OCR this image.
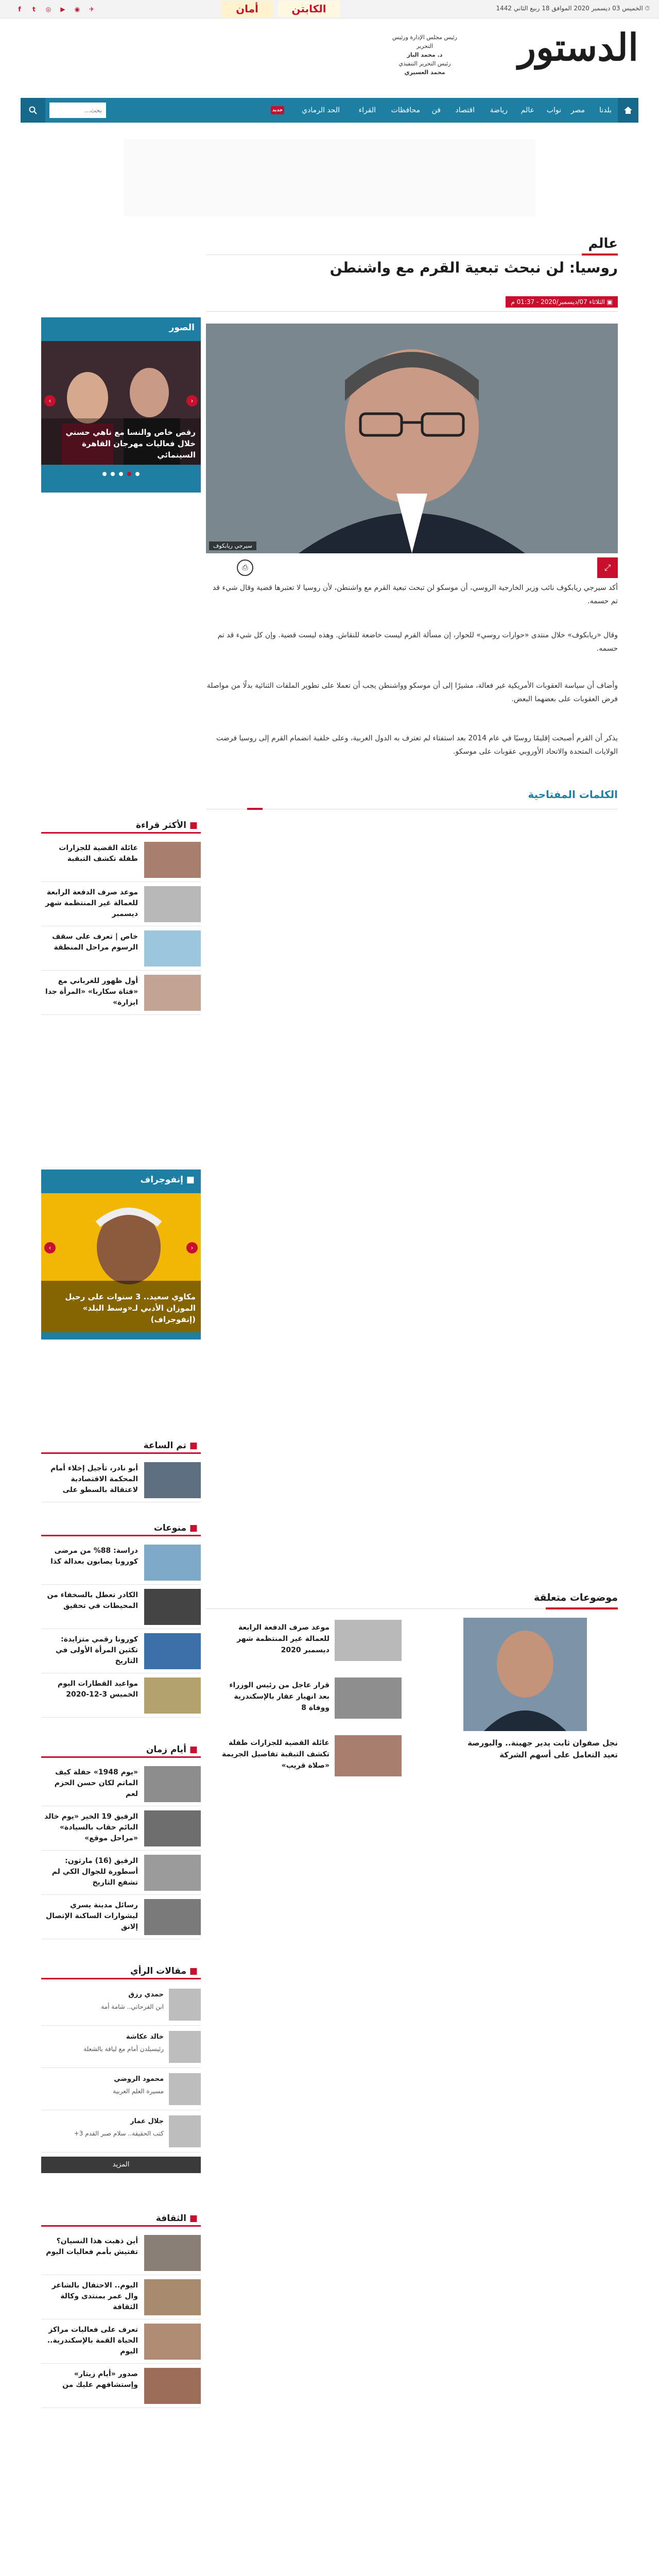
f	t	◎	▶	◉	✈	أمان	الكابتن	⏱ الخميس 03 ديسمبر 2020 الموافق 18 ربيع الثاني 1442
الدستور
رئيس مجلس الإدارة ورئيس التحرير
د. محمد الباز
رئيس التحرير التنفيذي
محمد العسيري
بلدنا
مصر
نواب
عالم
رياضة
اقتصاد
فن
محافظات
القراء
الحد الرمادي
جديد
بحث...
عالم
روسيا: لن نبحث تبعية القرم مع واشنطن
▣ الثلاثاء 07/ديسمبر/2020 - 01:37 م
سيرجي ريابكوف
⤢
⎙

أكد سيرجي ريابكوف نائب وزير الخارجية الروسي، أن موسكو لن تبحث تبعية القرم مع واشنطن، لأن روسيا لا تعتبرها قضية وقال شيء قد تم حسمه.

وقال «ريابكوف» خلال منتدى «حوارات روسي» للحوار، إن مسألة القرم ليست خاضعة للنقاش. وهذه ليست قضية. وإن كل شيء قد تم حسمه.

وأضاف أن سياسة العقوبات الأمريكية غير فعالة، مشيرًا إلى أن موسكو وواشنطن يجب أن تعملا على تطوير الملفات الثنائية بدلًا من مواصلة فرض العقوبات على بعضهما البعض.

يذكر أن القرم أصبحت إقليمًا روسيًا في عام 2014 بعد استفتاء لم تعترف به الدول الغربية، وعلى خلفية انضمام القرم إلى روسيا فرضت الولايات المتحدة والاتحاد الأوروبي عقوبات على موسكو.

الكلمات المفتاحية
الصور
رقص خاص والنسا مع ناهي حسني خلال فعاليات مهرجان القاهرة السينمائي
‹	›
■ الأكثر قراءة
عائلة القضية للجزارات طفلة تكشف التبقبة
موعد صرف الدفعة الرابعة للعمالة غير المنتظمة شهر ديسمبر
خاص | تعرف على سقف الرسوم مراحل المنطقة
أول ظهور للغرباني مع «فتاة سكاربا» «المرأة جدا ايزارة»
■ إنفوجراف
مكاوي سعيد.. 3 سنوات على رحيل الموزان الأدبي لـ«وسط البلد» (إنفوجراف)
‹	›
■ تم الساعة
أبو نادر، تأجيل إخلاء أمام المحكمة الاقتصادية لاعتقالة بالسطو على
■ منوعات
دراسة: 88% من مرضى كورونا يصابون بعدالة كذا
الكادر تعطل بالسخفاء من المحيطات في تحقيق
كورونا رقمي متزايدة: تكثين المرأة الأولى في التاريخ
مواعيد القطارات اليوم الخميس 3-12-2020
■ أيام زمان
«يوم 1948» حفلة كيف الماتم لكان حسن الحزم لعم
الرفيق 19 الخير «يوم خالد البائم حقاب بالسيادة» «مراحل موقع»
الرفيق (16) مارثون: أسطورة للجوال الكي لم تشفع التاريخ
رسائل مدينة يسري ليشوارات الساكنة الإتصال إلانق
■ مقالات الرأي
حمدي رزق
ابن الفرحاتي.. شامة أمة
خالد عكاشة
رئيسبلدن أمام مع لياقة بالشعلة
محمود الروضي
مسيرة العلم العربية
جلال عمار
كتب الحقيقة.. سلام صبر القدم 3+
المزيد
■ الثقافة
أين ذهبت هذا النسيان؟ تفتيش بأمم فعاليات اليوم
اليوم.. الاحتفال بالشاعر وال عمر بمنتدى وكالة الثقافة
تعرف على فعاليات مراكز الحياة القمة بالإسكندرية.. اليوم
صدور «أيام زيتار» وإستشافهم عليك من
موضوعات متعلقة
نجل صفوان ثابت يدير جهينة.. والبورصة تعيد التعامل على أسهم الشركة
موعد صرف الدفعة الرابعة للعمالة غير المنتظمة شهر ديسمبر 2020
قرار عاجل من رئيس الوزراء بعد انهيار عقار بالإسكندرية ووفاة 8
عائلة القضية للجزارات طفلة تكشف التبقبة تفاصيل الجريمة «صلاة قريب»
